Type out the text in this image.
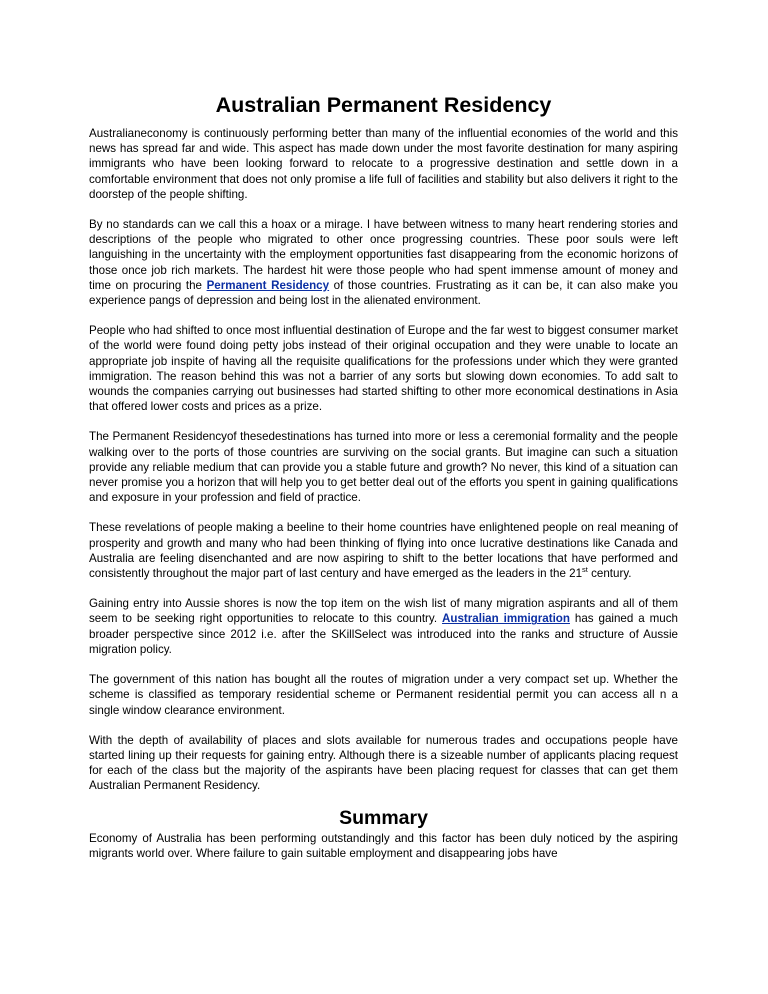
Australian Permanent Residency

Australianeconomy is continuously performing better than many of the influential economies of the world and this news has spread far and wide. This aspect has made down under the most favorite destination for many aspiring immigrants who have been looking forward to relocate to a progressive destination and settle down in a comfortable environment that does not only promise a life full of facilities and stability but also delivers it right to the doorstep of the people shifting.

By no standards can we call this a hoax or a mirage. I have between witness to many heart rendering stories and descriptions of the people who migrated to other once progressing countries. These poor souls were left languishing in the uncertainty with the employment opportunities fast disappearing from the economic horizons of those once job rich markets. The hardest hit were those people who had spent immense amount of money and time on procuring the Permanent Residency of those countries. Frustrating as it can be, it can also make you experience pangs of depression and being lost in the alienated environment.

People who had shifted to once most influential destination of Europe and the far west to biggest consumer market of the world were found doing petty jobs instead of their original occupation and they were unable to locate an appropriate job inspite of having all the requisite qualifications for the professions under which they were granted immigration. The reason behind this was not a barrier of any sorts but slowing down economies. To add salt to wounds the companies carrying out businesses had started shifting to other more economical destinations in Asia that offered lower costs and prices as a prize.

The Permanent Residencyof thesedestinations has turned into more or less a ceremonial formality and the people walking over to the ports of those countries are surviving on the social grants. But imagine can such a situation provide any reliable medium that can provide you a stable future and growth? No never, this kind of a situation can never promise you a horizon that will help you to get better deal out of the efforts you spent in gaining qualifications and exposure in your profession and field of practice.

These revelations of people making a beeline to their home countries have enlightened people on real meaning of prosperity and growth and many who had been thinking of flying into once lucrative destinations like Canada and Australia are feeling disenchanted and are now aspiring to shift to the better locations that have performed and consistently throughout the major part of last century and have emerged as the leaders in the 21st century.

Gaining entry into Aussie shores is now the top item on the wish list of many migration aspirants and all of them seem to be seeking right opportunities to relocate to this country. Australian immigration has gained a much broader perspective since 2012 i.e. after the SKillSelect was introduced into the ranks and structure of Aussie migration policy.

The government of this nation has bought all the routes of migration under a very compact set up. Whether the scheme is classified as temporary residential scheme or Permanent residential permit you can access all n a single window clearance environment.

With the depth of availability of places and slots available for numerous trades and occupations people have started lining up their requests for gaining entry. Although there is a sizeable number of applicants placing request for each of the class but the majority of the aspirants have been placing request for classes that can get them Australian Permanent Residency.

Summary

Economy of Australia has been performing outstandingly and this factor has been duly noticed by the aspiring migrants world over. Where failure to gain suitable employment and disappearing jobs have
